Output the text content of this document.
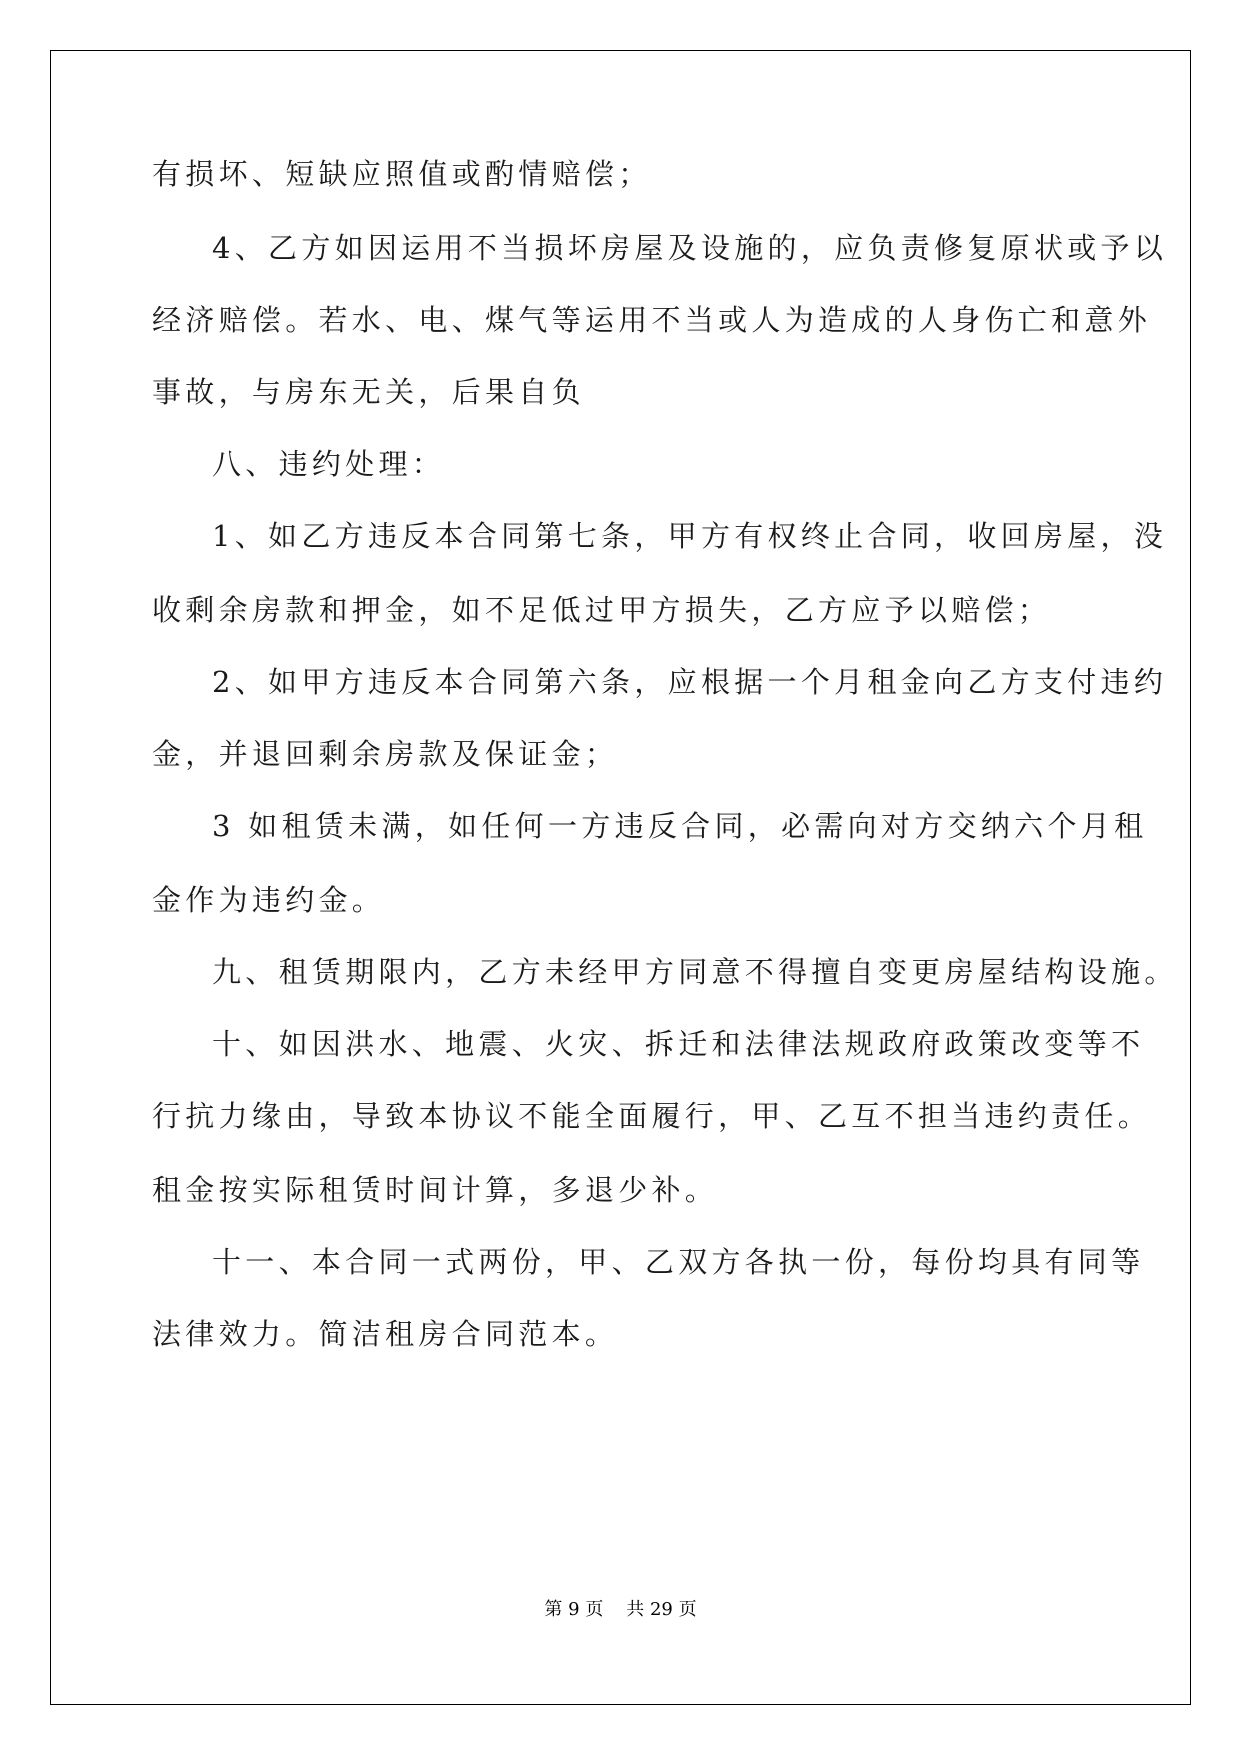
有损坏、短缺应照值或酌情赔偿；
4、乙方如因运用不当损坏房屋及设施的，应负责修复原状或予以
经济赔偿。若水、电、煤气等运用不当或人为造成的人身伤亡和意外
事故，与房东无关，后果自负
八、违约处理：
1、如乙方违反本合同第七条，甲方有权终止合同，收回房屋，没
收剩余房款和押金，如不足低过甲方损失，乙方应予以赔偿；
2、如甲方违反本合同第六条，应根据一个月租金向乙方支付违约
金，并退回剩余房款及保证金；
3 如租赁未满，如任何一方违反合同，必需向对方交纳六个月租
金作为违约金。
九、租赁期限内，乙方未经甲方同意不得擅自变更房屋结构设施。
十、如因洪水、地震、火灾、拆迁和法律法规政府政策改变等不
行抗力缘由，导致本协议不能全面履行，甲、乙互不担当违约责任。
租金按实际租赁时间计算，多退少补。
十一、本合同一式两份，甲、乙双方各执一份，每份均具有同等
法律效力。简洁租房合同范本。
第 9 页 共 29 页
